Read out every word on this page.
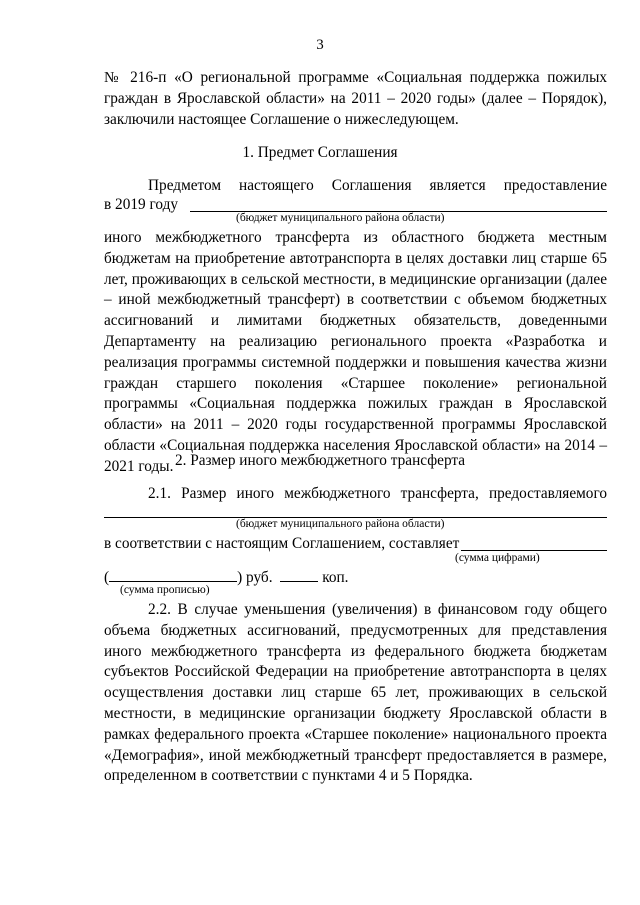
3
№ 216-п «О региональной программе «Социальная поддержка пожилых граждан в Ярославской области» на 2011 – 2020 годы» (далее – Порядок), заключили настоящее Соглашение о нижеследующем.
1. Предмет Соглашения
Предметом настоящего Соглашения является предоставление
в 2019 году
(бюджет муниципального района области)
иного межбюджетного трансферта из областного бюджета местным бюджетам на приобретение автотранспорта в целях доставки лиц старше 65 лет, проживающих в сельской местности, в медицинские организации (далее – иной межбюджетный трансферт) в соответствии с объемом бюджетных ассигнований и лимитами бюджетных обязательств, доведенными Департаменту на реализацию регионального проекта «Разработка и реализация программы системной поддержки и повышения качества жизни граждан старшего поколения «Старшее поколение» региональной программы «Социальная поддержка пожилых граждан в Ярославской области» на 2011 – 2020 годы государственной программы Ярославской области «Социальная поддержка населения Ярославской области» на 2014 – 2021 годы. 2. Размер иного межбюджетного трансферта
2.1. Размер иного межбюджетного трансферта, предоставляемого
(бюджет муниципального района области)
в соответствии с настоящим Соглашением, составляет
(сумма цифрами)
(	) руб.	коп.
(сумма прописью)
2.2. В случае уменьшения (увеличения) в финансовом году общего объема бюджетных ассигнований, предусмотренных для представления иного межбюджетного трансферта из федерального бюджета бюджетам субъектов Российской Федерации на приобретение автотранспорта в целях осуществления доставки лиц старше 65 лет, проживающих в сельской местности, в медицинские организации бюджету Ярославской области в рамках федерального проекта «Старшее поколение» национального проекта «Демография», иной межбюджетный трансферт предоставляется в размере, определенном в соответствии с пунктами 4 и 5 Порядка.
